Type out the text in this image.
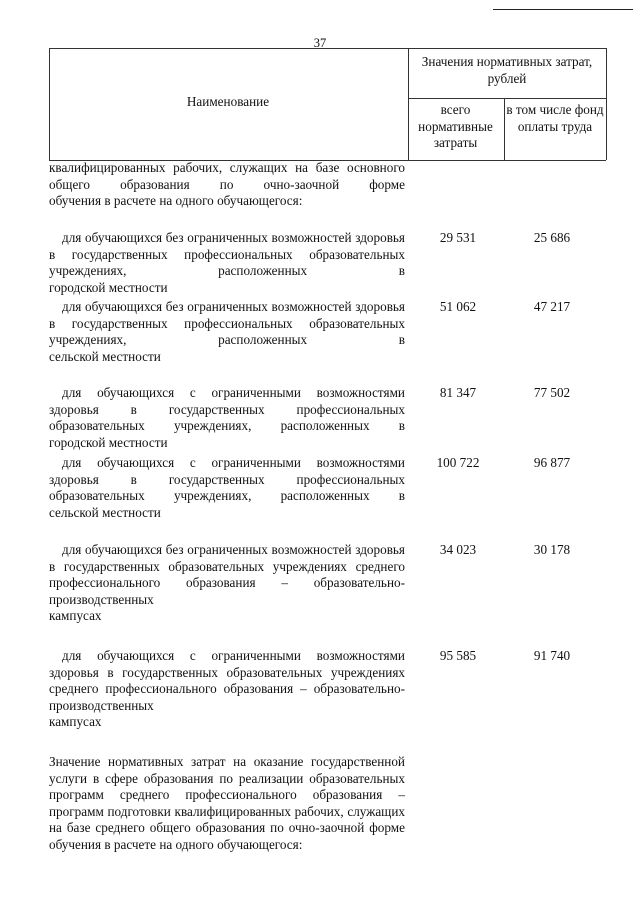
37
Наименование
Значения нормативных затрат, рублей
всего нормативные затраты
в том числе фонд оплаты труда
квалифицированных рабочих, служащих на базе основного общего образования по очно-заочной форме
обучения в расчете на одного обучающегося:
для обучающихся без ограниченных возможностей здоровья в государственных профессиональных образовательных учреждениях, расположенных в
городской местности
29 531	25 686
для обучающихся без ограниченных возможностей здоровья в государственных профессиональных образовательных учреждениях, расположенных в
сельской местности
51 062	47 217
для обучающихся с ограниченными возможностями здоровья в государственных профессиональных образовательных учреждениях, расположенных в
городской местности
81 347	77 502
для обучающихся с ограниченными возможностями здоровья в государственных профессиональных образовательных учреждениях, расположенных в
сельской местности
100 722	96 877
для обучающихся без ограниченных возможностей здоровья в государственных образовательных учреждениях среднего профессионального образования – образовательно-производственных
кампусах
34 023	30 178
для обучающихся с ограниченными возможностями здоровья в государственных образовательных учреждениях среднего профессионального образования – образовательно-производственных
кампусах
95 585	91 740
Значение нормативных затрат на оказание государственной услуги в сфере образования по реализации образовательных программ среднего профессионального образования – программ подготовки квалифицированных рабочих, служащих на базе среднего общего образования по очно-заочной форме
обучения в расчете на одного обучающегося:
